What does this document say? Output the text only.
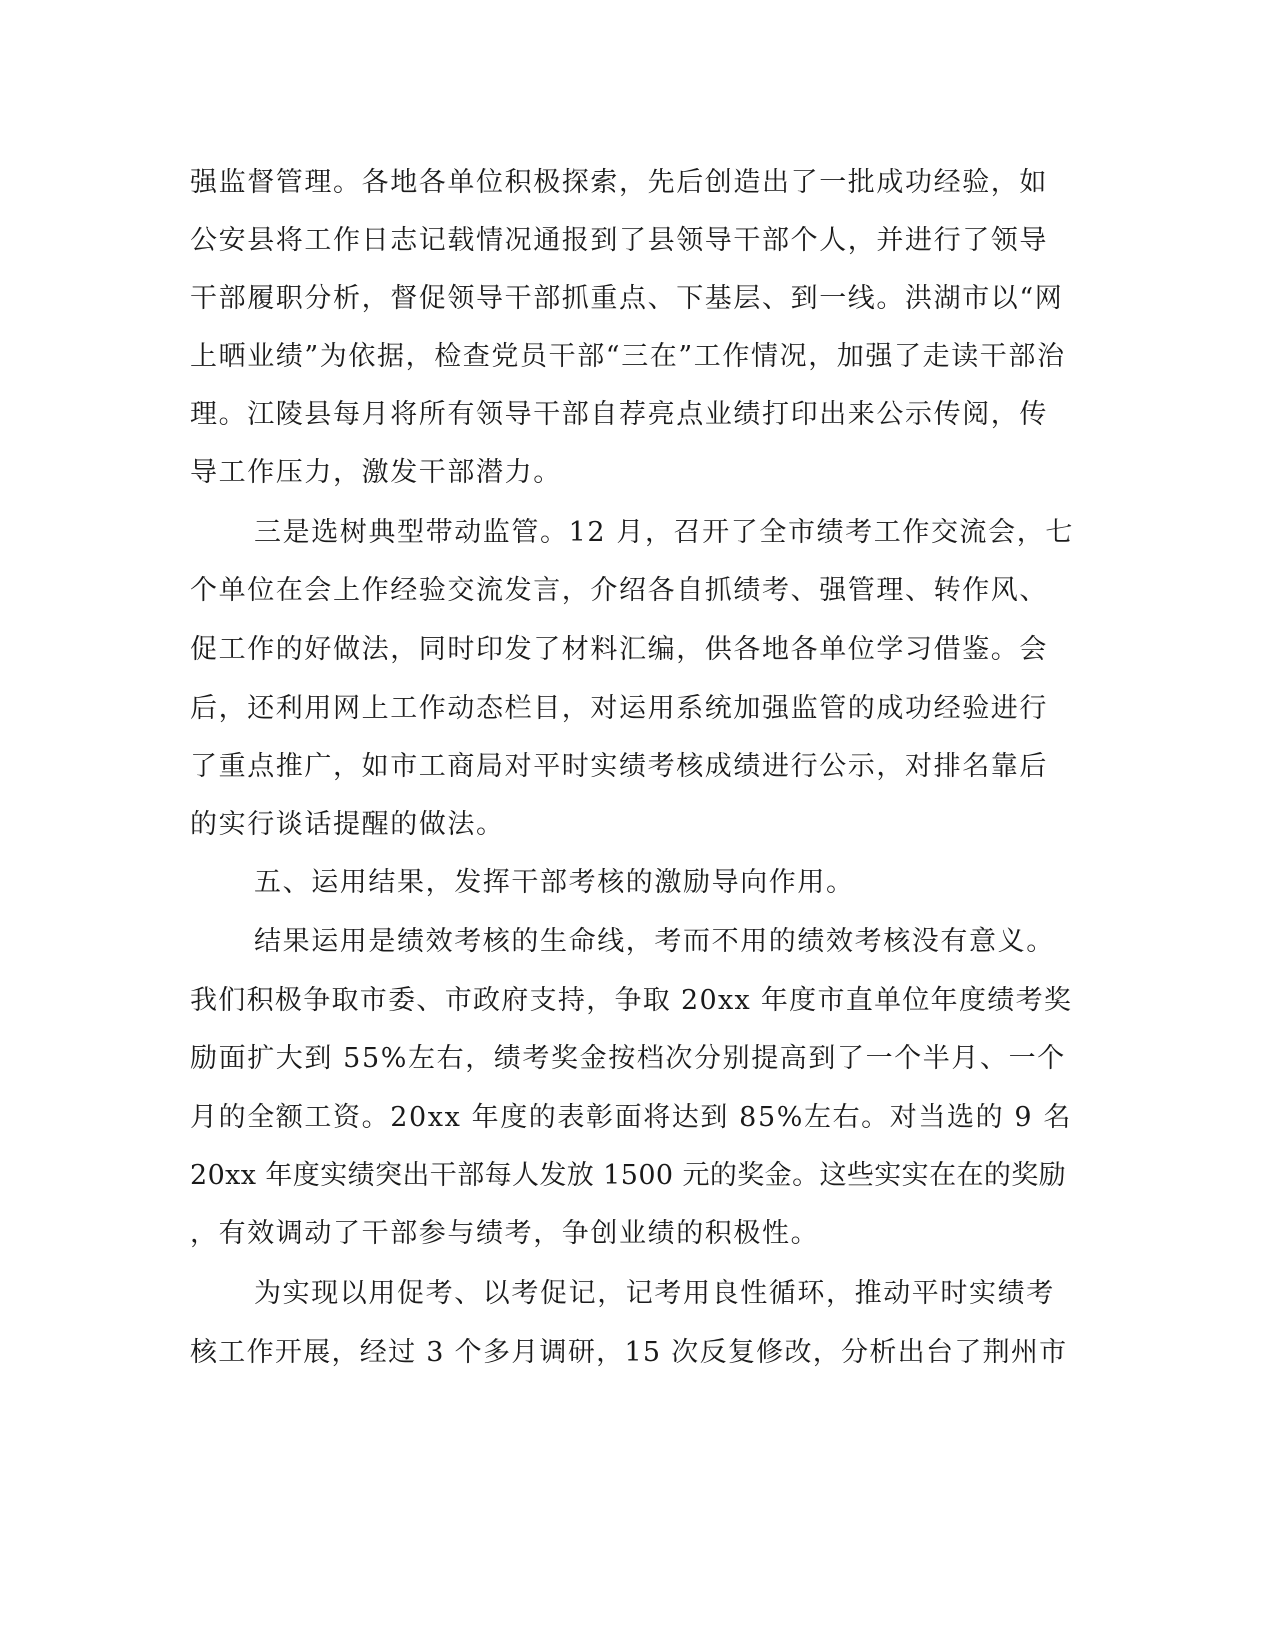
强监督管理。各地各单位积极探索，先后创造出了一批成功经验，如
公安县将工作日志记载情况通报到了县领导干部个人，并进行了领导
干部履职分析，督促领导干部抓重点、下基层、到一线。洪湖市以“网
上晒业绩”为依据，检查党员干部“三在”工作情况，加强了走读干部治
理。江陵县每月将所有领导干部自荐亮点业绩打印出来公示传阅，传
导工作压力，激发干部潜力。
三是选树典型带动监管。12 月，召开了全市绩考工作交流会，七
个单位在会上作经验交流发言，介绍各自抓绩考、强管理、转作风、
促工作的好做法，同时印发了材料汇编，供各地各单位学习借鉴。会
后，还利用网上工作动态栏目，对运用系统加强监管的成功经验进行
了重点推广，如市工商局对平时实绩考核成绩进行公示，对排名靠后
的实行谈话提醒的做法。
五、运用结果，发挥干部考核的激励导向作用。
结果运用是绩效考核的生命线，考而不用的绩效考核没有意义。
我们积极争取市委、市政府支持，争取 20xx 年度市直单位年度绩考奖
励面扩大到 55%左右，绩考奖金按档次分别提高到了一个半月、一个
月的全额工资。20xx 年度的表彰面将达到 85%左右。对当选的 9 名
20xx 年度实绩突出干部每人发放 1500 元的奖金。这些实实在在的奖励
，有效调动了干部参与绩考，争创业绩的积极性。
为实现以用促考、以考促记，记考用良性循环，推动平时实绩考
核工作开展，经过 3 个多月调研，15 次反复修改，分析出台了荆州市
